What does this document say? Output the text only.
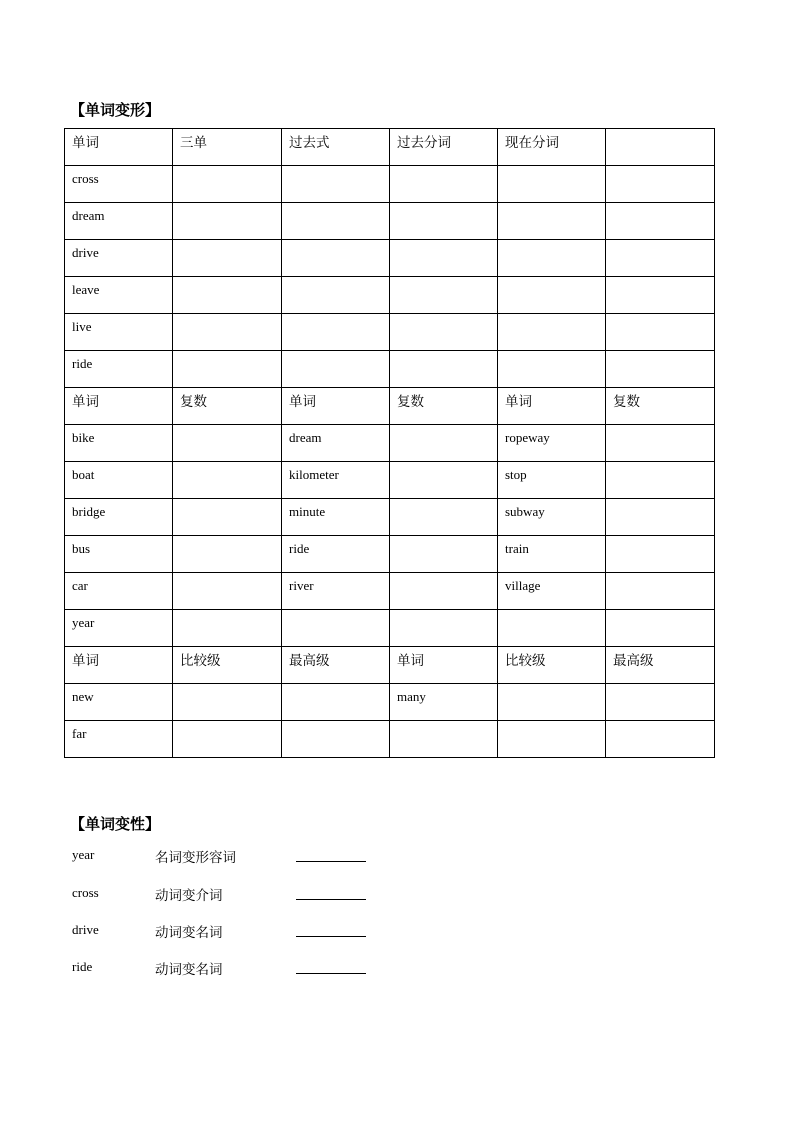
【单词变形】
单词	三单	过去式	过去分词	现在分词	

cross					

dream					

drive					

leave					

live					

ride					

单词	复数	单词	复数	单词	复数

bike		dream		ropeway	

boat		kilometer		stop	

bridge		minute		subway	

bus		ride		train	

car		river		village	

year					

单词	比较级	最高级	单词	比较级	最高级

new			many		

far					

【单词变性】
year	名词变形容词
cross	动词变介词
drive	动词变名词
ride	动词变名词
